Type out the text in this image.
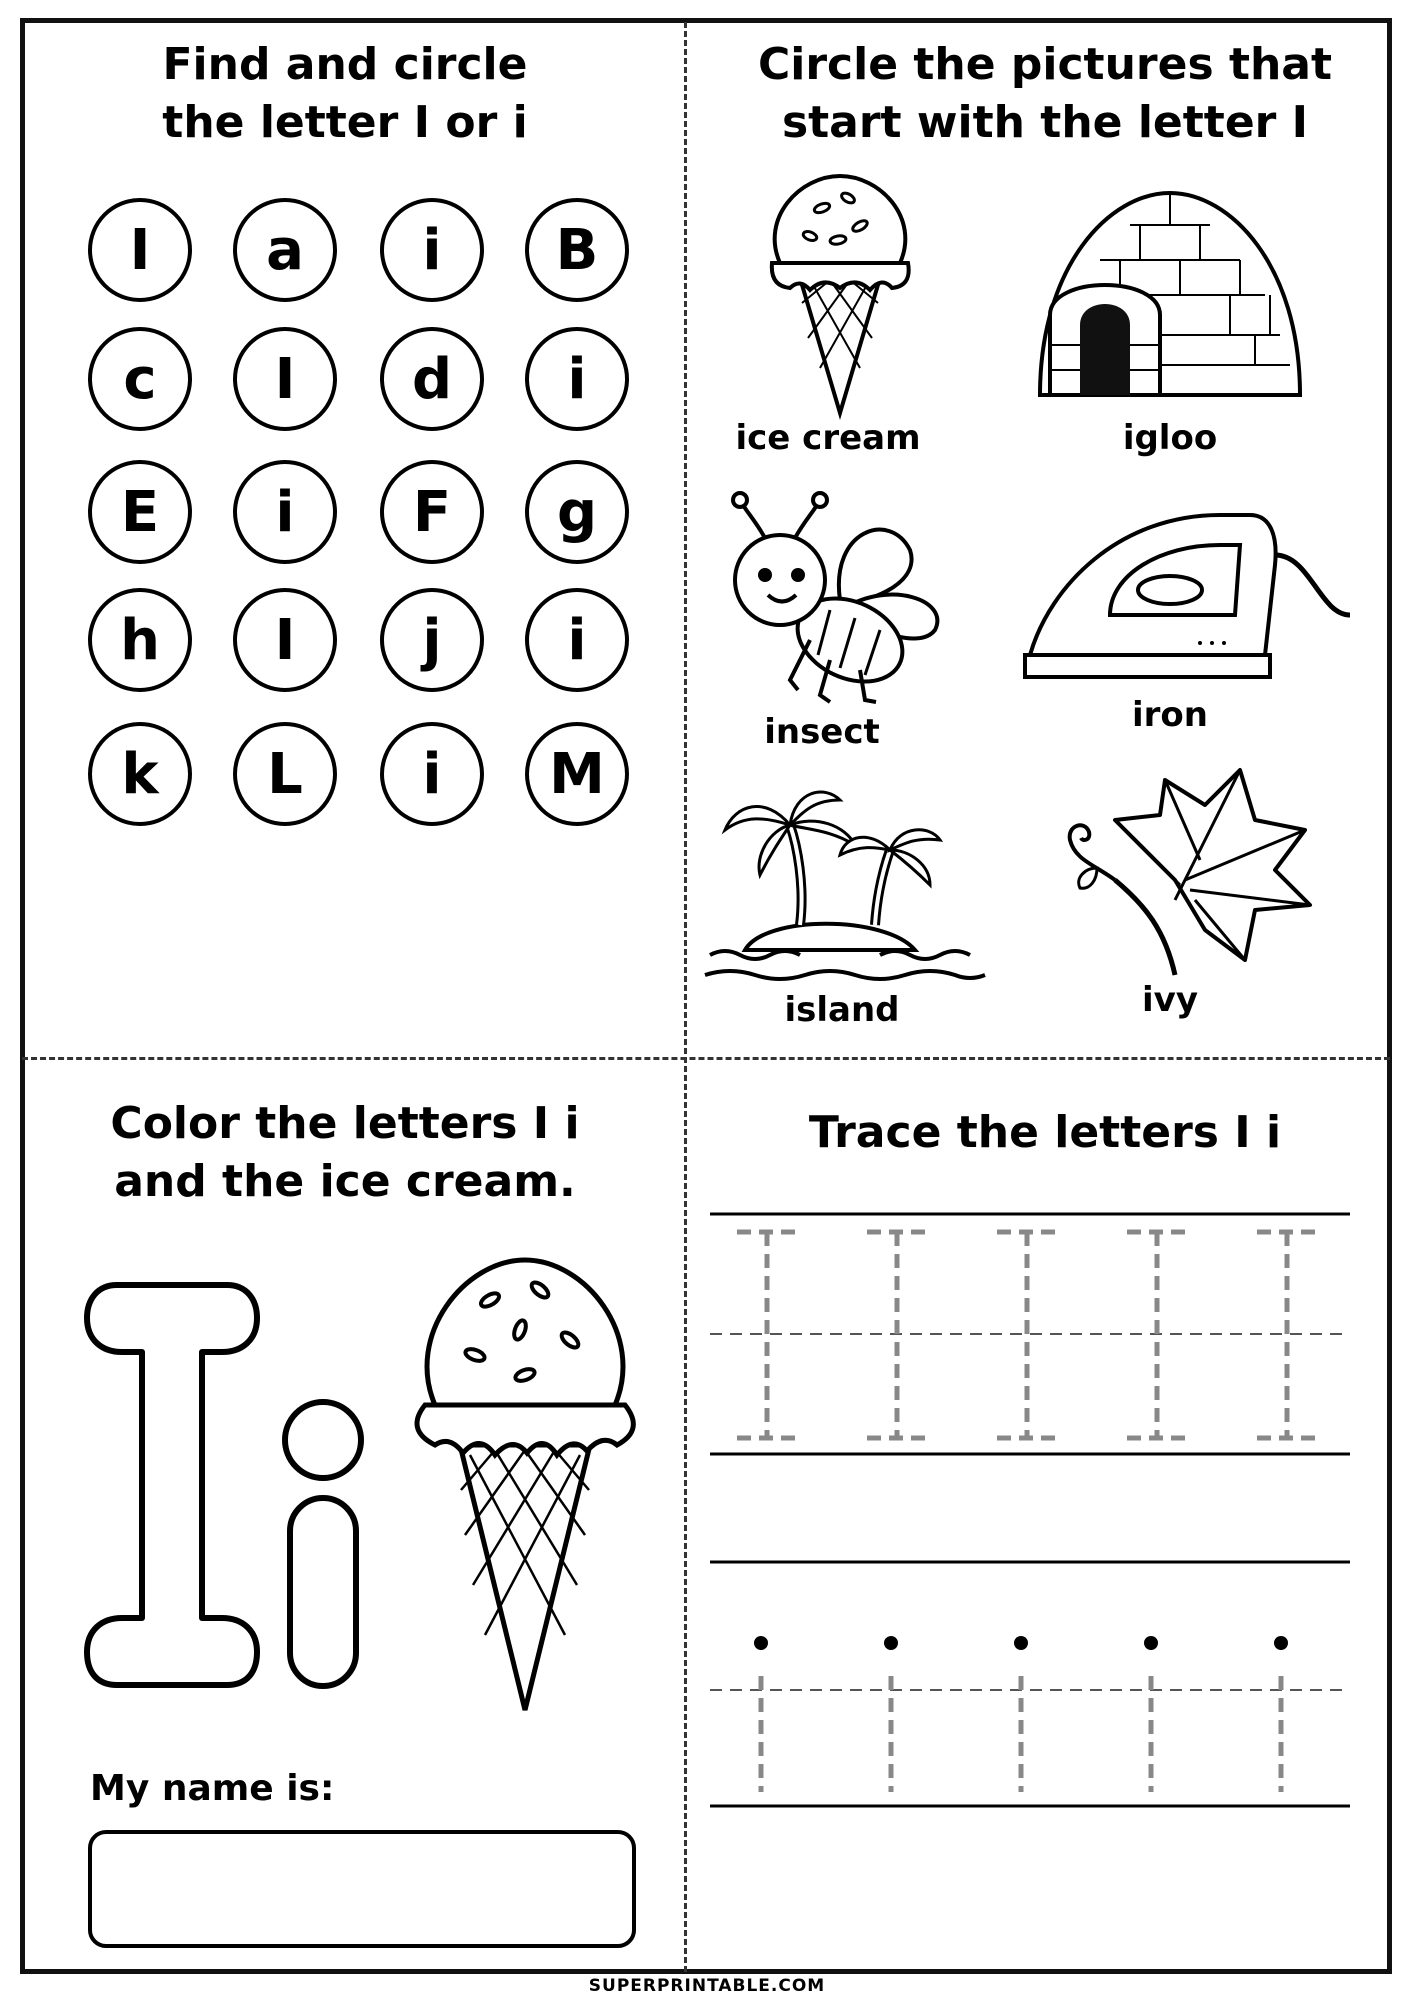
Find and circle
the letter I or i
I	a	i	B
c	I	d	i
E	i	F	g
h	I	j	i
k	L	i	M
Circle the pictures that
start with the letter I
ice cream	igloo
insect	iron
island	ivy
Color the letters I i
and the ice cream.
My name is:
Trace the letters I i
SUPERPRINTABLE.COM
